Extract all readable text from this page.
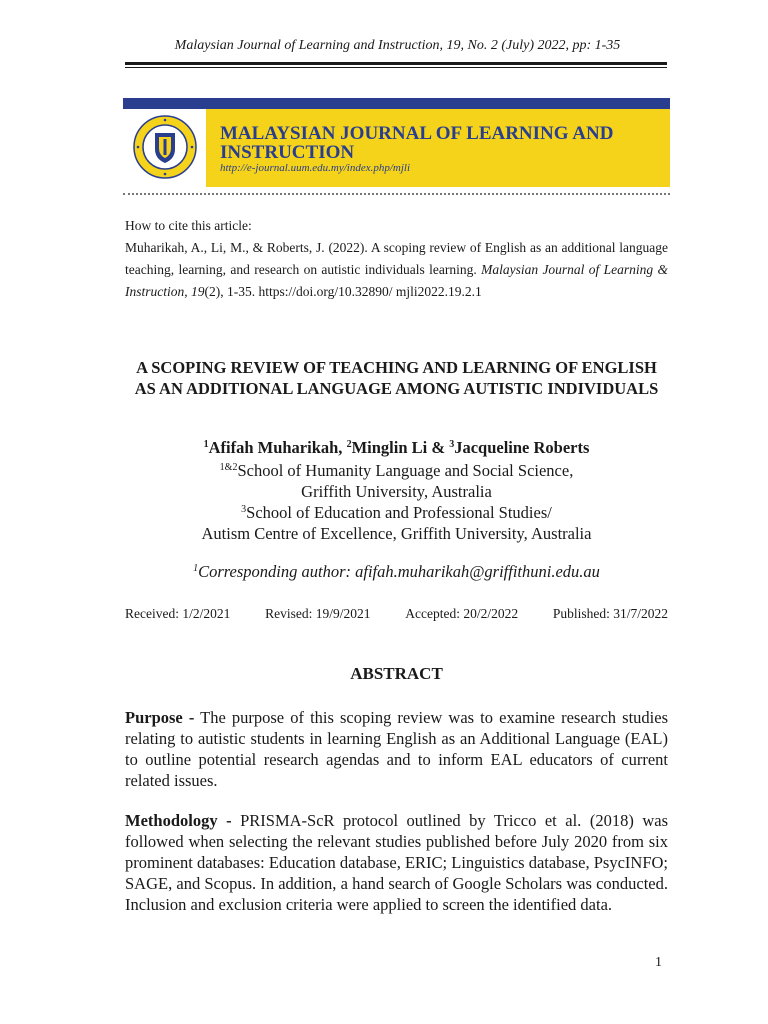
Malaysian Journal of Learning and Instruction, 19, No. 2 (July) 2022, pp: 1-35
MALAYSIAN JOURNAL OF LEARNING AND INSTRUCTION
http://e-journal.uum.edu.my/index.php/mjli

How to cite this article:

Muharikah, A., Li, M., & Roberts, J. (2022). A scoping review of English as an additional language teaching, learning, and research on autistic individuals learning. Malaysian Journal of Learning & Instruction, 19(2), 1-35. https://doi.org/10.32890/ mjli2022.19.2.1

A SCOPING REVIEW OF TEACHING AND LEARNING OF ENGLISH AS AN ADDITIONAL LANGUAGE AMONG AUTISTIC INDIVIDUALS
$^1$Afifah Muharikah, $^2$Minglin Li & $^3$Jacqueline Roberts
$^{1\&2}$School of Humanity Language and Social Science,
Griffith University, Australia
$^3$School of Education and Professional Studies/
Autism Centre of Excellence, Griffith University, Australia
$^1$Corresponding author: afifah.muharikah@griffithuni.edu.au
Received: 1/2/2021	Revised: 19/9/2021	Accepted: 20/2/2022	Published: 31/7/2022
ABSTRACT

Purpose - The purpose of this scoping review was to examine research studies relating to autistic students in learning English as an Additional Language (EAL) to outline potential research agendas and to inform EAL educators of current related issues.

Methodology - PRISMA-ScR protocol outlined by Tricco et al. (2018) was followed when selecting the relevant studies published before July 2020 from six prominent databases: Education database, ERIC; Linguistics database, PsycINFO; SAGE, and Scopus. In addition, a hand search of Google Scholars was conducted. Inclusion and exclusion criteria were applied to screen the identified data.

1
